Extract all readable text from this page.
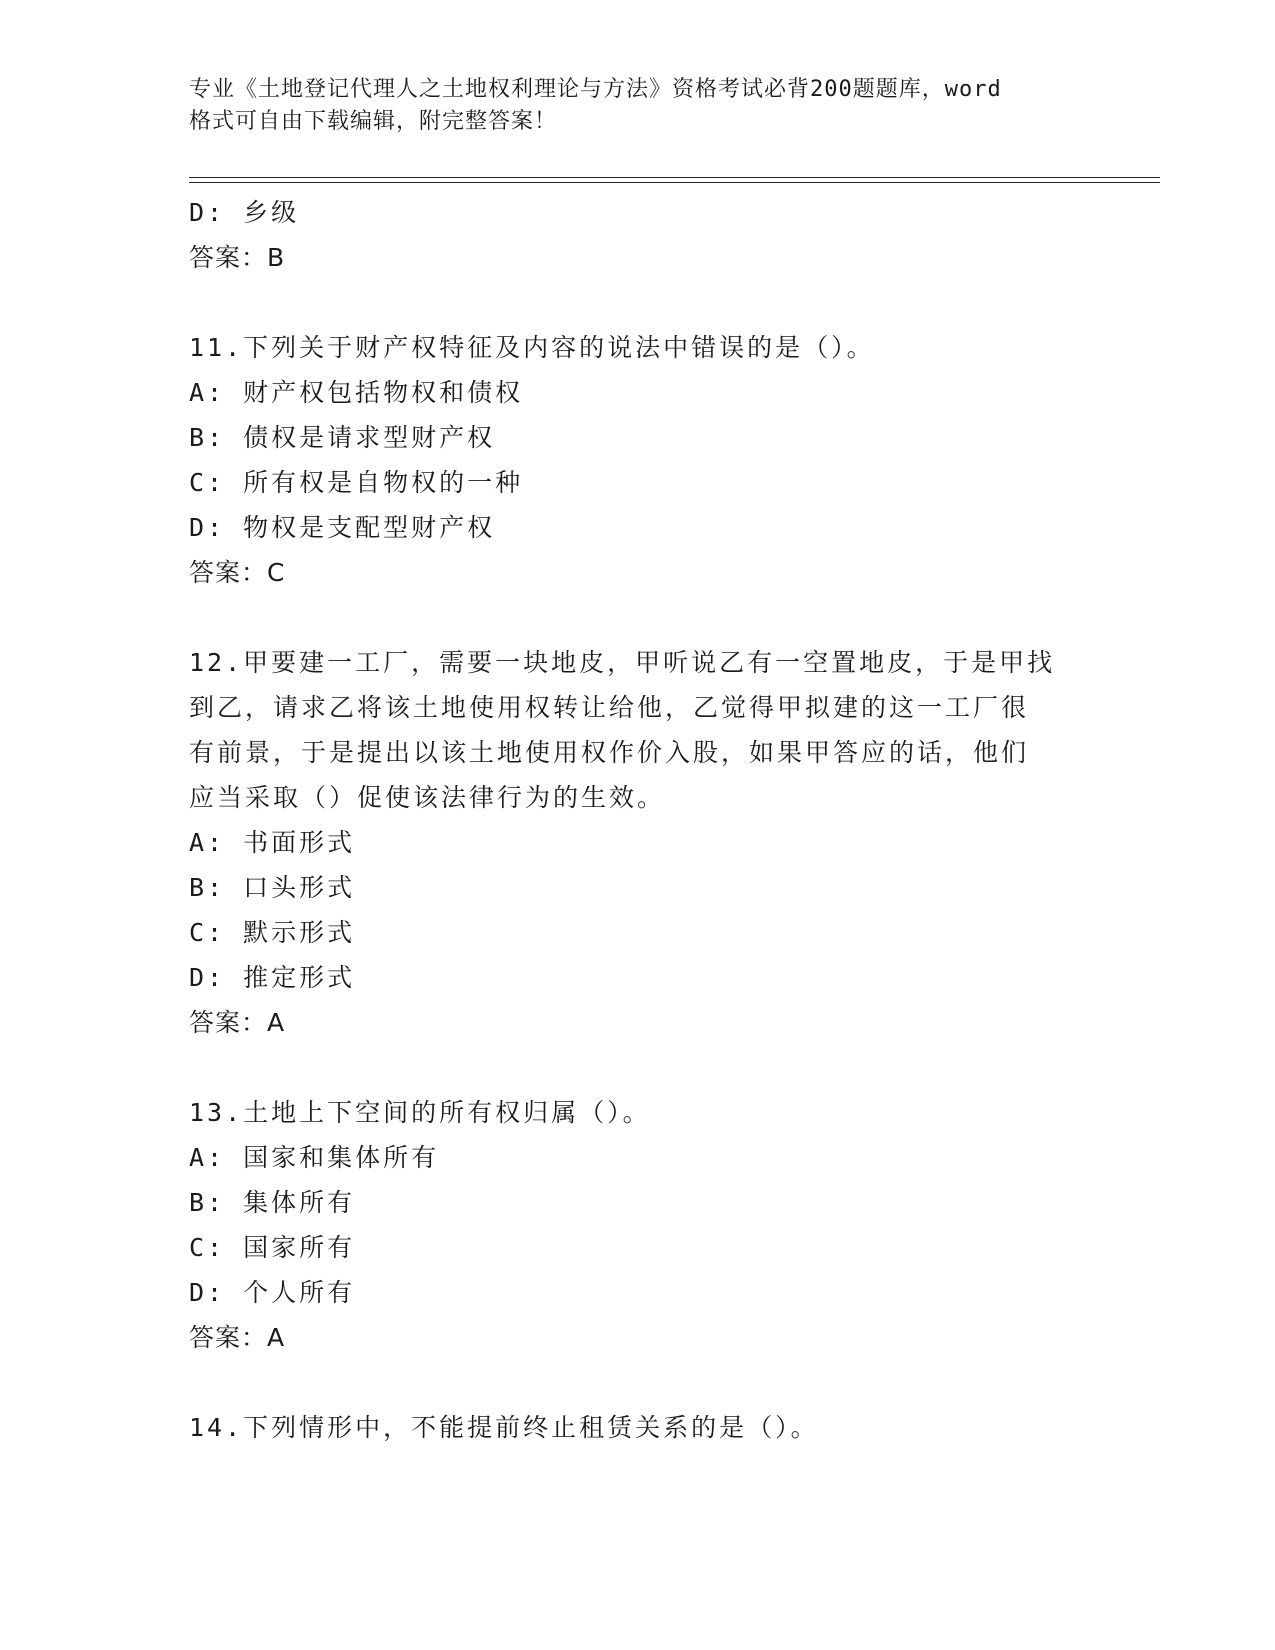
专业《土地登记代理人之土地权利理论与方法》资格考试必背200题题库，word
格式可自由下载编辑，附完整答案！
D: 乡级
答案：B
11.下列关于财产权特征及内容的说法中错误的是（）。
A: 财产权包括物权和债权
B: 债权是请求型财产权
C: 所有权是自物权的一种
D: 物权是支配型财产权
答案：C
12.甲要建一工厂，需要一块地皮，甲听说乙有一空置地皮，于是甲找
到乙，请求乙将该土地使用权转让给他，乙觉得甲拟建的这一工厂很
有前景，于是提出以该土地使用权作价入股，如果甲答应的话，他们
应当采取（）促使该法律行为的生效。
A: 书面形式
B: 口头形式
C: 默示形式
D: 推定形式
答案：A
13.土地上下空间的所有权归属（）。
A: 国家和集体所有
B: 集体所有
C: 国家所有
D: 个人所有
答案：A
14.下列情形中，不能提前终止租赁关系的是（）。
